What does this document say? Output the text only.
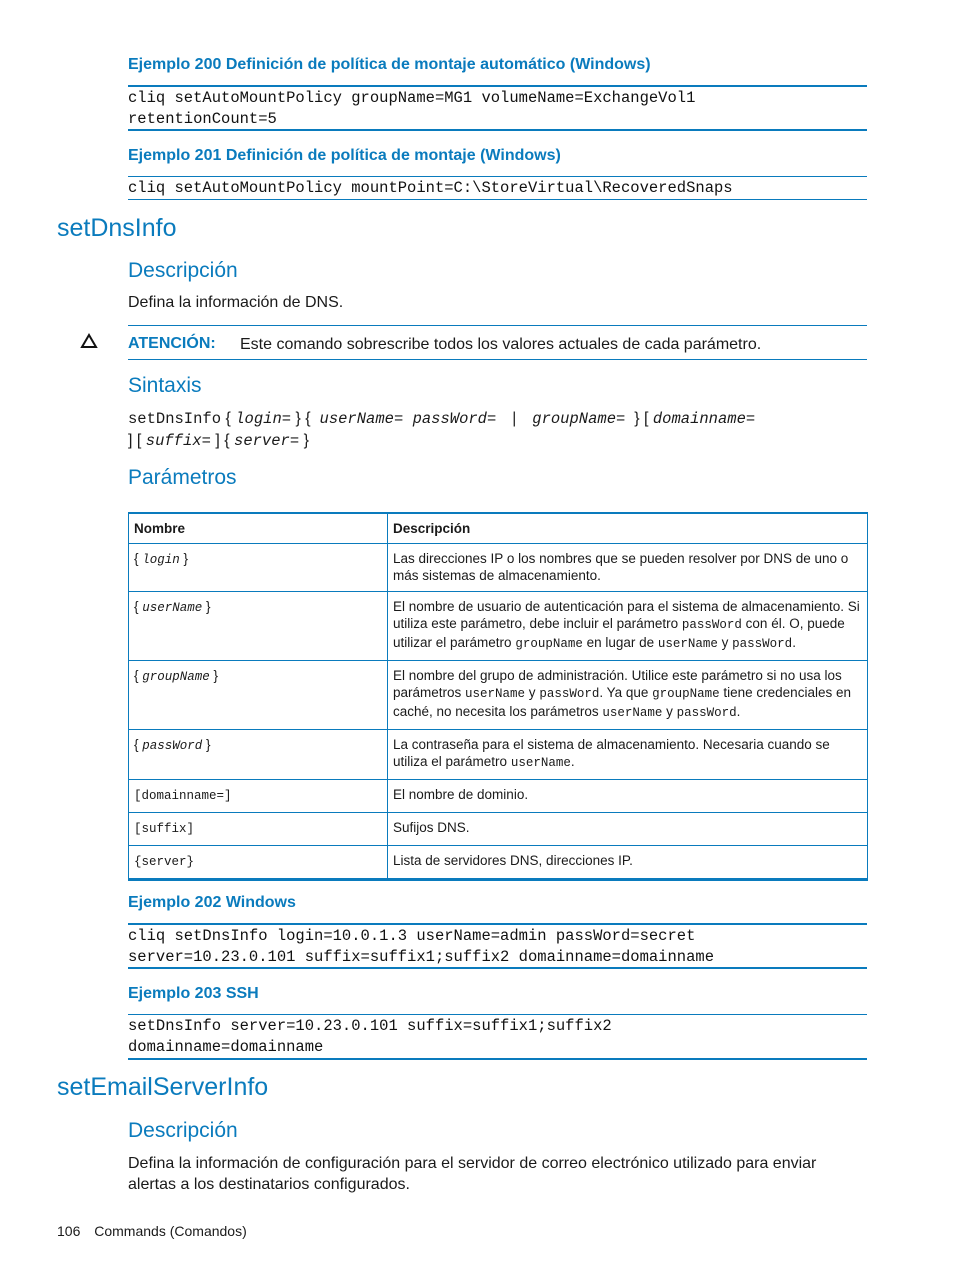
Ejemplo 200 Definición de política de montaje automático (Windows)
cliq setAutoMountPolicy groupName=MG1 volumeName=ExchangeVol1
retentionCount=5
Ejemplo 201 Definición de política de montaje (Windows)
cliq setAutoMountPolicy mountPoint=C:\StoreVirtual\RecoveredSnaps
setDnsInfo
Descripción
Defina la información de DNS.
ATENCIÓN: Este comando sobrescribe todos los valores actuales de cada parámetro.
Sintaxis
setDnsInfo { login= } {  userName= passWord= | groupName=  } [ domainname=
] [ suffix= ] { server= }
Parámetros
Nombre	Descripción
{ login }	Las direcciones IP o los nombres que se pueden resolver por DNS de uno o más sistemas de almacenamiento.
{ userName }	El nombre de usuario de autenticación para el sistema de almacenamiento. Si utiliza este parámetro, debe incluir el parámetro passWord con él. O, puede utilizar el parámetro groupName en lugar de userName y passWord.
{ groupName }	El nombre del grupo de administración. Utilice este parámetro si no usa los parámetros userName y passWord. Ya que groupName tiene credenciales en caché, no necesita los parámetros userName y passWord.
{ passWord }	La contraseña para el sistema de almacenamiento. Necesaria cuando se utiliza el parámetro userName.
[domainname=]	El nombre de dominio.
[suffix]	Sufijos DNS.
{server}	Lista de servidores DNS, direcciones IP.
Ejemplo 202 Windows
cliq setDnsInfo login=10.0.1.3 userName=admin passWord=secret
server=10.23.0.101 suffix=suffix1;suffix2 domainname=domainname
Ejemplo 203 SSH
setDnsInfo server=10.23.0.101 suffix=suffix1;suffix2
domainname=domainname
setEmailServerInfo
Descripción
Defina la información de configuración para el servidor de correo electrónico utilizado para enviar
alertas a los destinatarios configurados.
106 Commands (Comandos)
